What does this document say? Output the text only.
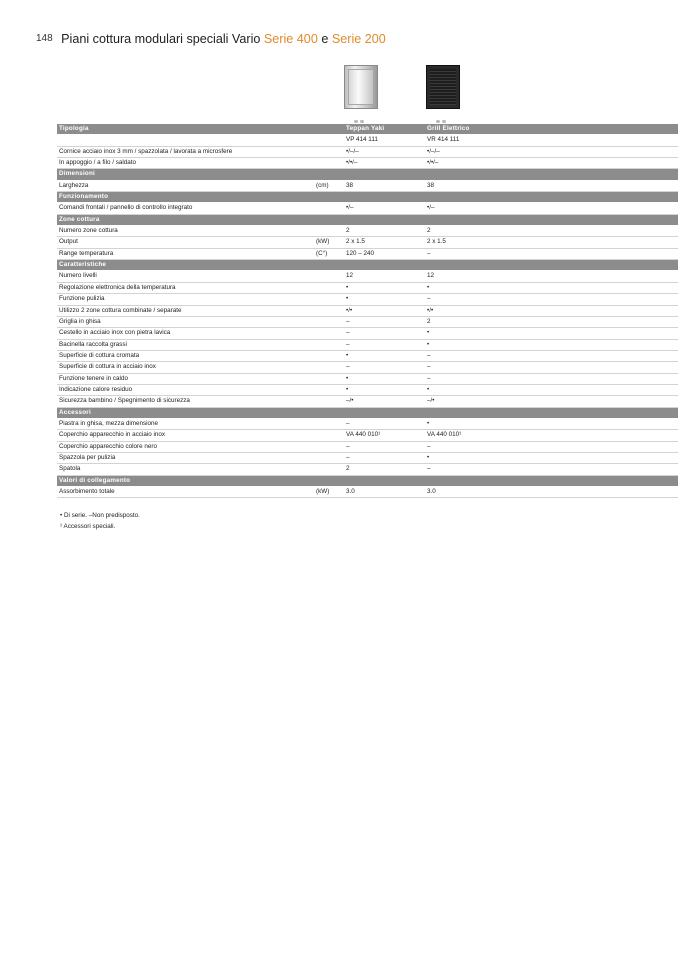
148 Piani cottura modulari speciali Vario Serie 400 e Serie 200
Tipologia	Teppan Yaki	Grill Elettrico
VP 414 111	VR 414 111
Cornice acciaio inox 3 mm / spazzolata / lavorata a microsfere	•/–/–	•/–/–
In appoggio / a filo / saldato	•/•/–	•/•/–
Dimensioni
Larghezza	(cm)	38	38
Funzionamento
Comandi frontali / pannello di controllo integrato	•/–	•/–
Zone cottura
Numero zone cottura	2	2
Output	(kW)	2 x 1.5	2 x 1.5
Range temperatura	(C°)	120 – 240	–
Caratteristiche
Numero livelli	12	12
Regolazione elettronica della temperatura	•	•
Funzione pulizia	•	–
Utilizzo 2 zone cottura combinate / separate	•/•	•/•
Griglia in ghisa	–	2
Cestello in acciaio inox con pietra lavica	–	•
Bacinella raccolta grassi	–	•
Superficie di cottura cromata	•	–
Superficie di cottura in acciaio inox	–	–
Funzione tenere in caldo	•	–
Indicazione calore residuo	•	•
Sicurezza bambino / Spegnimento di sicurezza	–/•	–/•
Accessori
Piastra in ghisa, mezza dimensione	–	•
Coperchio apparecchio in acciaio inox	VA 440 010¹	VA 440 010¹
Coperchio apparecchio colore nero	–	–
Spazzola per pulizia	–	•
Spatola	2	–
Valori di collegamento
Assorbimento totale	(kW)	3.0	3.0
• Di serie. –Non predisposto.
¹ Accessori speciali.
